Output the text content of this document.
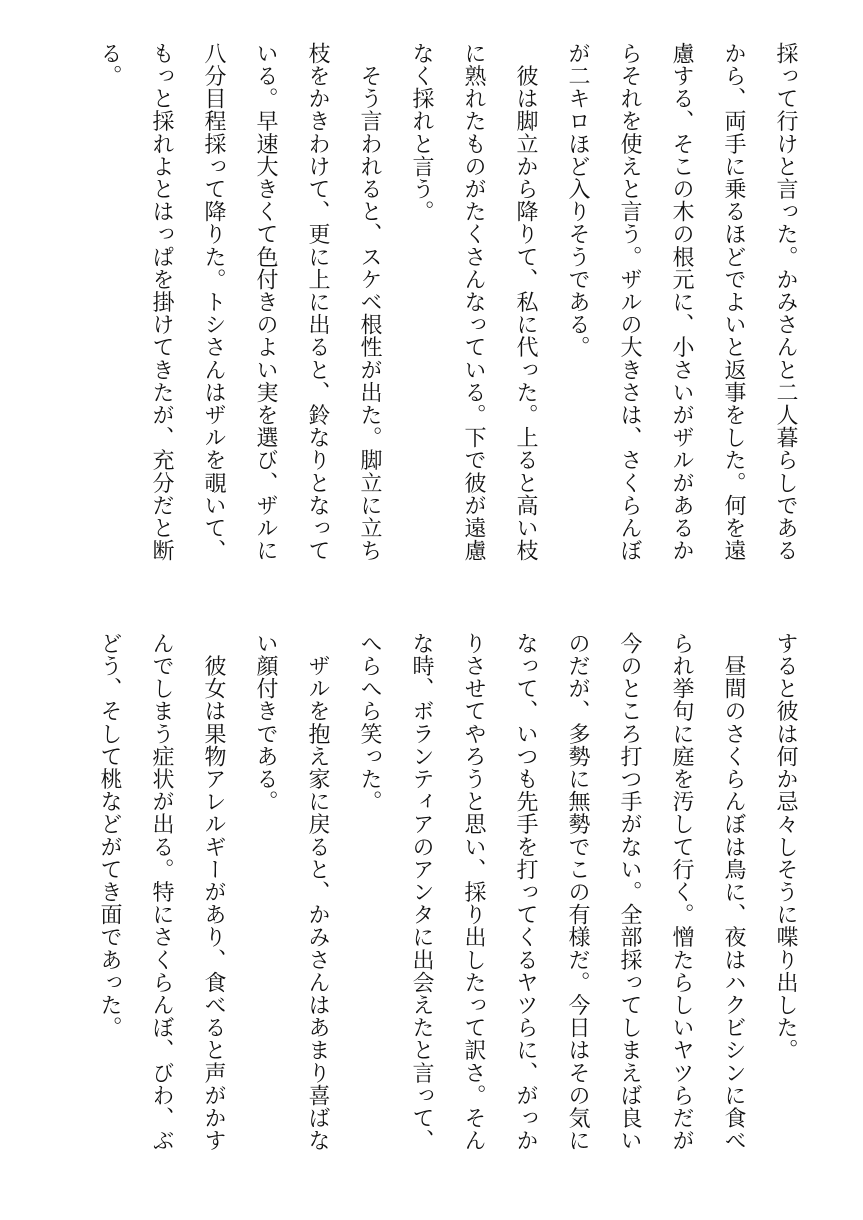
採って行けと言った。かみさんと二人暮らしである
から、両手に乗るほどでよいと返事をした。何を遠
慮する、そこの木の根元に、小さいがザルがあるか
らそれを使えと言う。ザルの大きさは、さくらんぼ
が二キロほど入りそうである。
　彼は脚立から降りて、私に代った。上ると高い枝
に熟れたものがたくさんなっている。下で彼が遠慮
なく採れと言う。
　そう言われると、スケベ根性が出た。脚立に立ち
枝をかきわけて、更に上に出ると、鈴なりとなって
いる。早速大きくて色付きのよい実を選び、ザルに
八分目程採って降りた。トシさんはザルを覗いて、
もっと採れよとはっぱを掛けてきたが、充分だと断
る。
すると彼は何か忌々しそうに喋り出した。
　昼間のさくらんぼは鳥に、夜はハクビシンに食べ
られ挙句に庭を汚して行く。憎たらしいヤツらだが
今のところ打つ手がない。全部採ってしまえば良い
のだが、多勢に無勢でこの有様だ。今日はその気に
なって、いつも先手を打ってくるヤツらに、がっか
りさせてやろうと思い、採り出したって訳さ。そん
な時、ボランティアのアンタに出会えたと言って、
へらへら笑った。
　ザルを抱え家に戻ると、かみさんはあまり喜ばな
い顔付きである。
　彼女は果物アレルギーがあり、食べると声がかす
んでしまう症状が出る。特にさくらんぼ、びわ、ぶ
どう、そして桃などがてき面であった。
